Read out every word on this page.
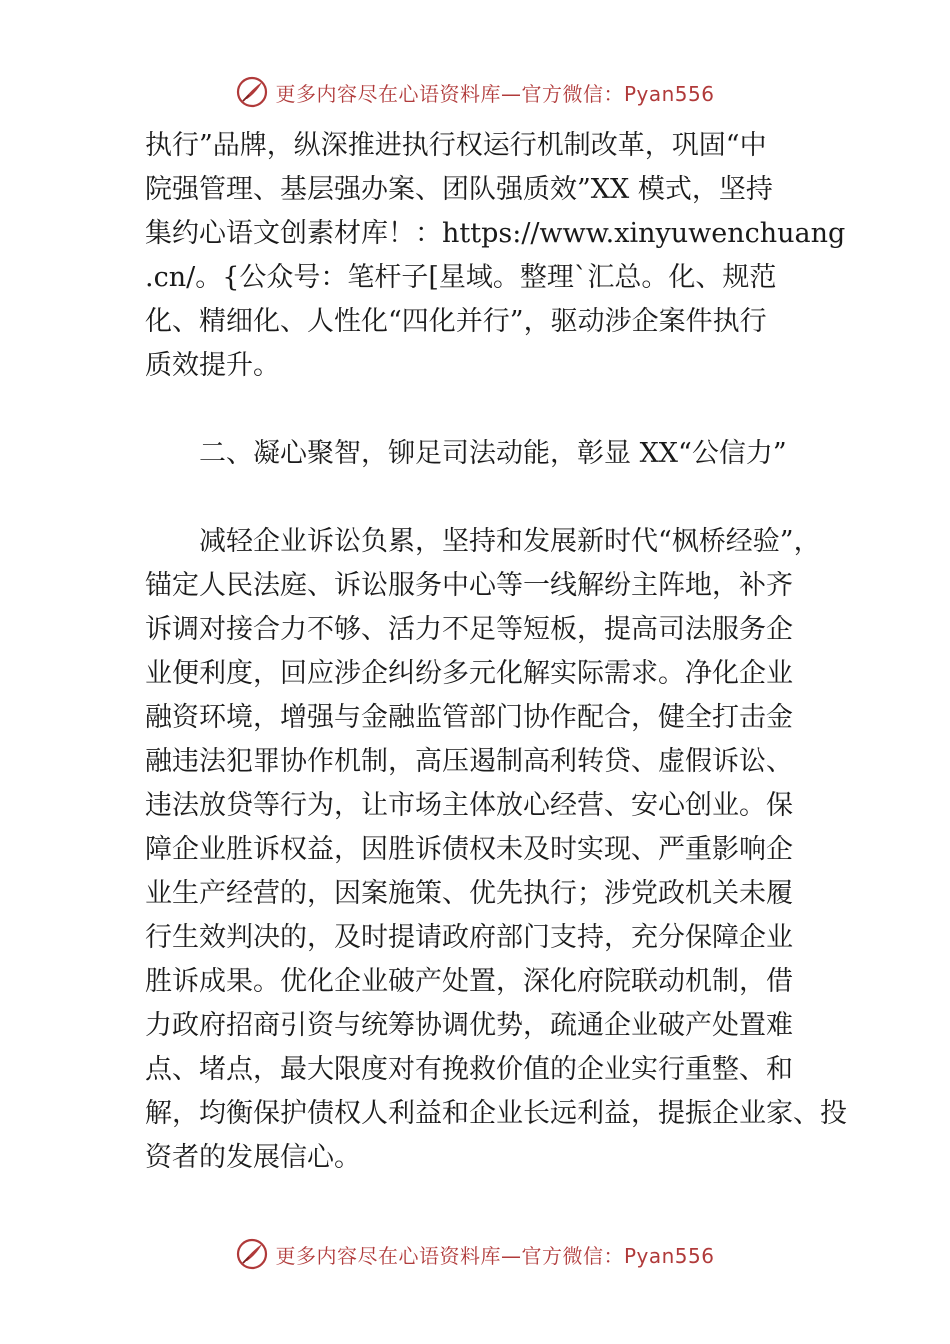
更多内容尽在心语资料库—官方微信：Pyan556

执行”品牌，纵深推进执行权运行机制改革，巩固“中
院强管理、基层强办案、团队强质效”XX 模式，坚持
集约心语文创素材库！：https://www.xinyuwenchuang
.cn/。{公众号：笔杆子[星域。整理`汇总。化、规范
化、精细化、人性化“四化并行”，驱动涉企案件执行
质效提升。

二、凝心聚智，铆足司法动能，彰显 XX“公信力”

减轻企业诉讼负累，坚持和发展新时代“枫桥经验”，
锚定人民法庭、诉讼服务中心等一线解纷主阵地，补齐
诉调对接合力不够、活力不足等短板，提高司法服务企
业便利度，回应涉企纠纷多元化解实际需求。净化企业
融资环境，增强与金融监管部门协作配合，健全打击金
融违法犯罪协作机制，高压遏制高利转贷、虚假诉讼、
违法放贷等行为，让市场主体放心经营、安心创业。保
障企业胜诉权益，因胜诉债权未及时实现、严重影响企
业生产经营的，因案施策、优先执行；涉党政机关未履
行生效判决的，及时提请政府部门支持，充分保障企业
胜诉成果。优化企业破产处置，深化府院联动机制，借
力政府招商引资与统筹协调优势，疏通企业破产处置难
点、堵点，最大限度对有挽救价值的企业实行重整、和
解，均衡保护债权人利益和企业长远利益，提振企业家、投
资者的发展信心。

更多内容尽在心语资料库—官方微信：Pyan556
